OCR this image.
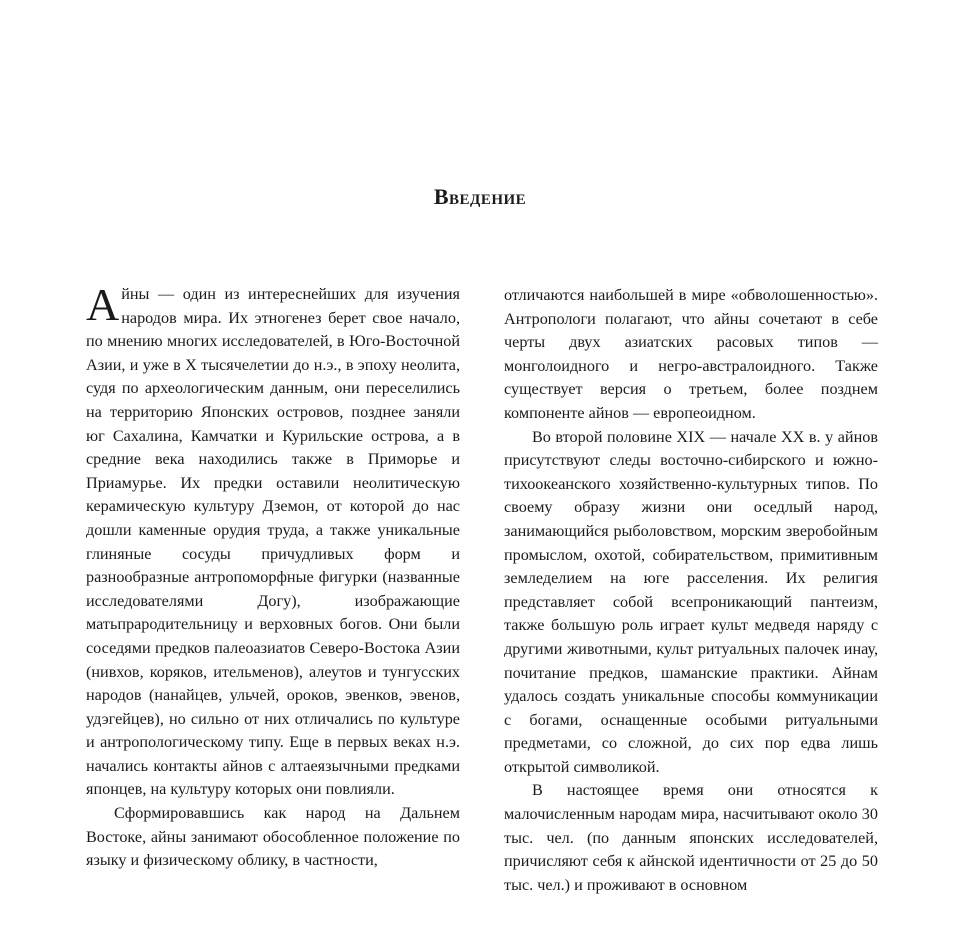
Введение

Айны — один из интереснейших для изучения народов мира. Их этногенез берет свое начало, по мнению многих исследователей, в Юго-Восточной Азии, и уже в X тысячелетии до н.э., в эпоху неолита, судя по археологическим данным, они переселились на территорию Японских островов, позднее заняли юг Сахалина, Камчатки и Курильские острова, а в средние века находились также в Приморье и Приамурье. Их предки оставили неолитическую керамическую культуру Дземон, от которой до нас дошли каменные орудия труда, а также уникальные глиняные сосуды причудливых форм и разнообразные антропоморфные фигурки (названные исследователями Догу), изображающие матьпрародительницу и верховных богов. Они были соседями предков палеоазиатов Северо-Востока Азии (нивхов, коряков, ительменов), алеутов и тунгусских народов (нанайцев, ульчей, ороков, эвенков, эвенов, удэгейцев), но сильно от них отличались по культуре и антропологическому типу. Еще в первых веках н.э. начались контакты айнов с алтаеязычными предками японцев, на культуру которых они повлияли.

Сформировавшись как народ на Дальнем Востоке, айны занимают обособленное положение по языку и физическому облику, в частности,

отличаются наибольшей в мире «обволошенностью». Антропологи полагают, что айны сочетают в себе черты двух азиатских расовых типов — монголоидного и негро-австралоидного. Также существует версия о третьем, более позднем компоненте айнов — европеоидном.

Во второй половине XIX — начале XX в. у айнов присутствуют следы восточно-сибирского и южно-тихоокеанского хозяйственно-культурных типов. По своему образу жизни они оседлый народ, занимающийся рыболовством, морским зверобойным промыслом, охотой, собирательством, примитивным земледелием на юге расселения. Их религия представляет собой всепроникающий пантеизм, также большую роль играет культ медведя наряду с другими животными, культ ритуальных палочек инау, почитание предков, шаманские практики. Айнам удалось создать уникальные способы коммуникации с богами, оснащенные особыми ритуальными предметами, со сложной, до сих пор едва лишь открытой символикой.

В настоящее время они относятся к малочисленным народам мира, насчитывают около 30 тыс. чел. (по данным японских исследователей, причисляют себя к айнской идентичности от 25 до 50 тыс. чел.) и проживают в основном
